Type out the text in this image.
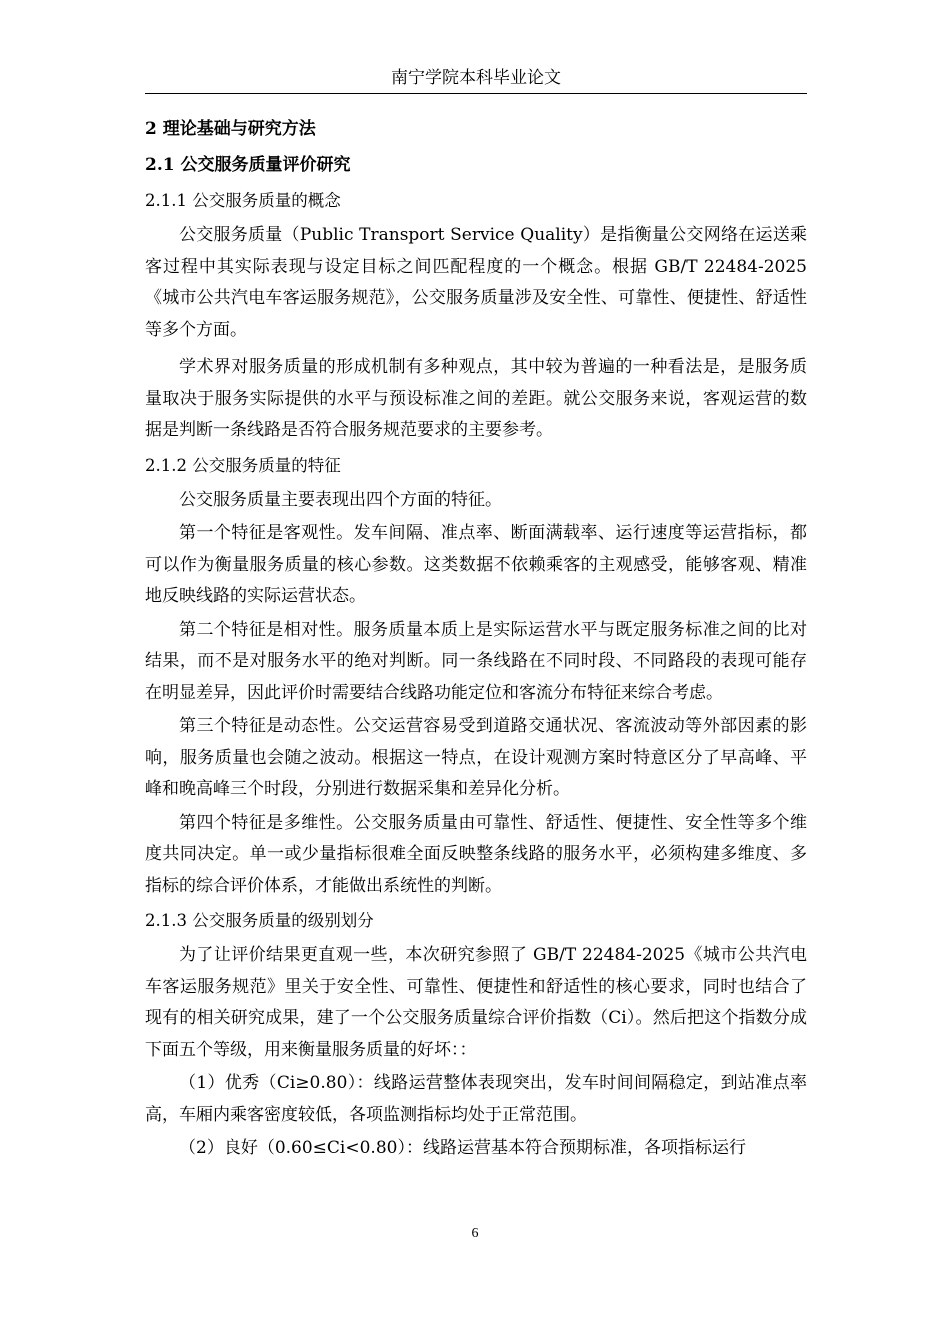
南宁学院本科毕业论文
2 理论基础与研究方法
2.1 公交服务质量评价研究
2.1.1 公交服务质量的概念
公交服务质量（Public Transport Service Quality）是指衡量公交网络在运送乘客过程中其实际表现与设定目标之间匹配程度的一个概念。根据 GB/T 22484-2025《城市公共汽电车客运服务规范》，公交服务质量涉及安全性、可靠性、便捷性、舒适性等多个方面。
学术界对服务质量的形成机制有多种观点，其中较为普遍的一种看法是，是服务质量取决于服务实际提供的水平与预设标准之间的差距。就公交服务来说，客观运营的数据是判断一条线路是否符合服务规范要求的主要参考。
2.1.2 公交服务质量的特征
公交服务质量主要表现出四个方面的特征。
第一个特征是客观性。发车间隔、准点率、断面满载率、运行速度等运营指标，都可以作为衡量服务质量的核心参数。这类数据不依赖乘客的主观感受，能够客观、精准地反映线路的实际运营状态。
第二个特征是相对性。服务质量本质上是实际运营水平与既定服务标准之间的比对结果，而不是对服务水平的绝对判断。同一条线路在不同时段、不同路段的表现可能存在明显差异，因此评价时需要结合线路功能定位和客流分布特征来综合考虑。
第三个特征是动态性。公交运营容易受到道路交通状况、客流波动等外部因素的影响，服务质量也会随之波动。根据这一特点，在设计观测方案时特意区分了早高峰、平峰和晚高峰三个时段，分别进行数据采集和差异化分析。
第四个特征是多维性。公交服务质量由可靠性、舒适性、便捷性、安全性等多个维度共同决定。单一或少量指标很难全面反映整条线路的服务水平，必须构建多维度、多指标的综合评价体系，才能做出系统性的判断。
2.1.3 公交服务质量的级别划分
为了让评价结果更直观一些，本次研究参照了 GB/T 22484-2025《城市公共汽电车客运服务规范》里关于安全性、可靠性、便捷性和舒适性的核心要求，同时也结合了现有的相关研究成果，建了一个公交服务质量综合评价指数（Ci）。然后把这个指数分成下面五个等级，用来衡量服务质量的好坏：：
（1）优秀（Ci≥0.80）：线路运营整体表现突出，发车时间间隔稳定，到站准点率高，车厢内乘客密度较低，各项监测指标均处于正常范围。
（2）良好（0.60≤Ci<0.80）：线路运营基本符合预期标准，各项指标运行
6
